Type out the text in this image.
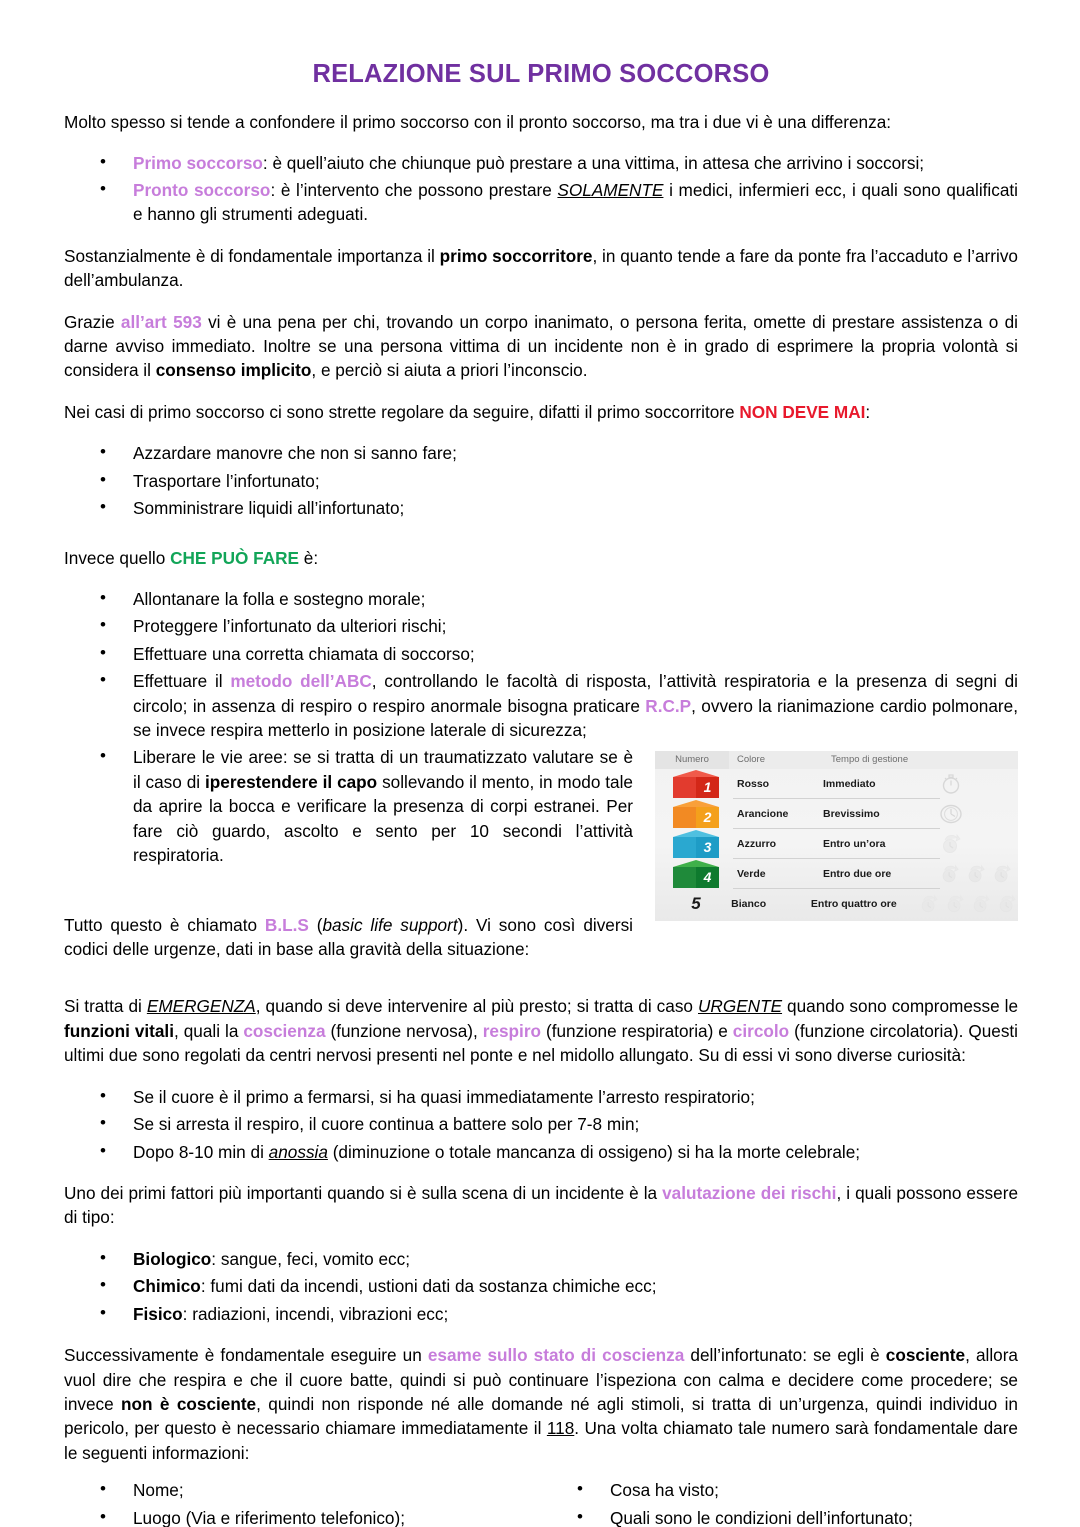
RELAZIONE SUL PRIMO SOCCORSO

Molto spesso si tende a confondere il primo soccorso con il pronto soccorso, ma tra i due vi è una differenza:

• Primo soccorso: è quell’aiuto che chiunque può prestare a una vittima, in attesa che arrivino i soccorsi;
• Pronto soccorso: è l’intervento che possono prestare SOLAMENTE i medici, infermieri ecc, i quali sono qualificati e hanno gli strumenti adeguati.

Sostanzialmente è di fondamentale importanza il primo soccorritore, in quanto tende a fare da ponte fra l’accaduto e l’arrivo dell’ambulanza.

Grazie all’art 593 vi è una pena per chi, trovando un corpo inanimato, o persona ferita, omette di prestare assistenza o di darne avviso immediato. Inoltre se una persona vittima di un incidente non è in grado di esprimere la propria volontà si considera il consenso implicito, e perciò si aiuta a priori l’inconscio.

Nei casi di primo soccorso ci sono strette regolare da seguire, difatti il primo soccorritore NON DEVE MAI:

• Azzardare manovre che non si sanno fare;
• Trasportare l’infortunato;
• Somministrare liquidi all’infortunato;

Invece quello CHE PUÒ FARE è:

• Allontanare la folla e sostegno morale;
• Proteggere l’infortunato da ulteriori rischi;
• Effettuare una corretta chiamata di soccorso;
• Effettuare il metodo dell’ABC, controllando le facoltà di risposta, l’attività respiratoria e la presenza di segni di circolo; in assenza di respiro o respiro anormale bisogna praticare R.C.P, ovvero la rianimazione cardio polmonare, se invece respira metterlo in posizione laterale di sicurezza;
• Numero	Colore	Tempo di gestione
1	Rosso	Immediato
2	Arancione	Brevissimo
3	Azzurro	Entro un’ora
4	Verde	Entro due ore
5	Bianco	Entro quattro ore
Liberare le vie aree: se si tratta di un traumatizzato valutare se è il caso di iperestendere il capo sollevando il mento, in modo tale da aprire la bocca e verificare la presenza di corpi estranei. Per fare ciò guardo, ascolto e sento per 10 secondi l’attività respiratoria.

Tutto questo è chiamato B.L.S (basic life support). Vi sono così diversi codici delle urgenze, dati in base alla gravità della situazione:

Si tratta di EMERGENZA, quando si deve intervenire al più presto; si tratta di caso URGENTE quando sono compromesse le funzioni vitali, quali la coscienza (funzione nervosa), respiro (funzione respiratoria) e circolo (funzione circolatoria). Questi ultimi due sono regolati da centri nervosi presenti nel ponte e nel midollo allungato. Su di essi vi sono diverse curiosità:

• Se il cuore è il primo a fermarsi, si ha quasi immediatamente l’arresto respiratorio;
• Se si arresta il respiro, il cuore continua a battere solo per 7-8 min;
• Dopo 8-10 min di anossia (diminuzione o totale mancanza di ossigeno) si ha la morte celebrale;

Uno dei primi fattori più importanti quando si è sulla scena di un incidente è la valutazione dei rischi, i quali possono essere di tipo:

• Biologico: sangue, feci, vomito ecc;
• Chimico: fumi dati da incendi, ustioni dati da sostanza chimiche ecc;
• Fisico: radiazioni, incendi, vibrazioni ecc;

Successivamente è fondamentale eseguire un esame sullo stato di coscienza dell’infortunato: se egli è cosciente, allora vuol dire che respira e che il cuore batte, quindi si può continuare l’ispeziona con calma e decidere come procedere; se invece non è cosciente, quindi non risponde né alle domande né agli stimoli, si tratta di un’urgenza, quindi individuo in pericolo, per questo è necessario chiamare immediatamente il 118. Una volta chiamato tale numero sarà fondamentale dare le seguenti informazioni:

• Nome;
• Luogo (Via e riferimento telefonico);
• Cosa ha visto;
• Quali sono le condizioni dell’infortunato;
